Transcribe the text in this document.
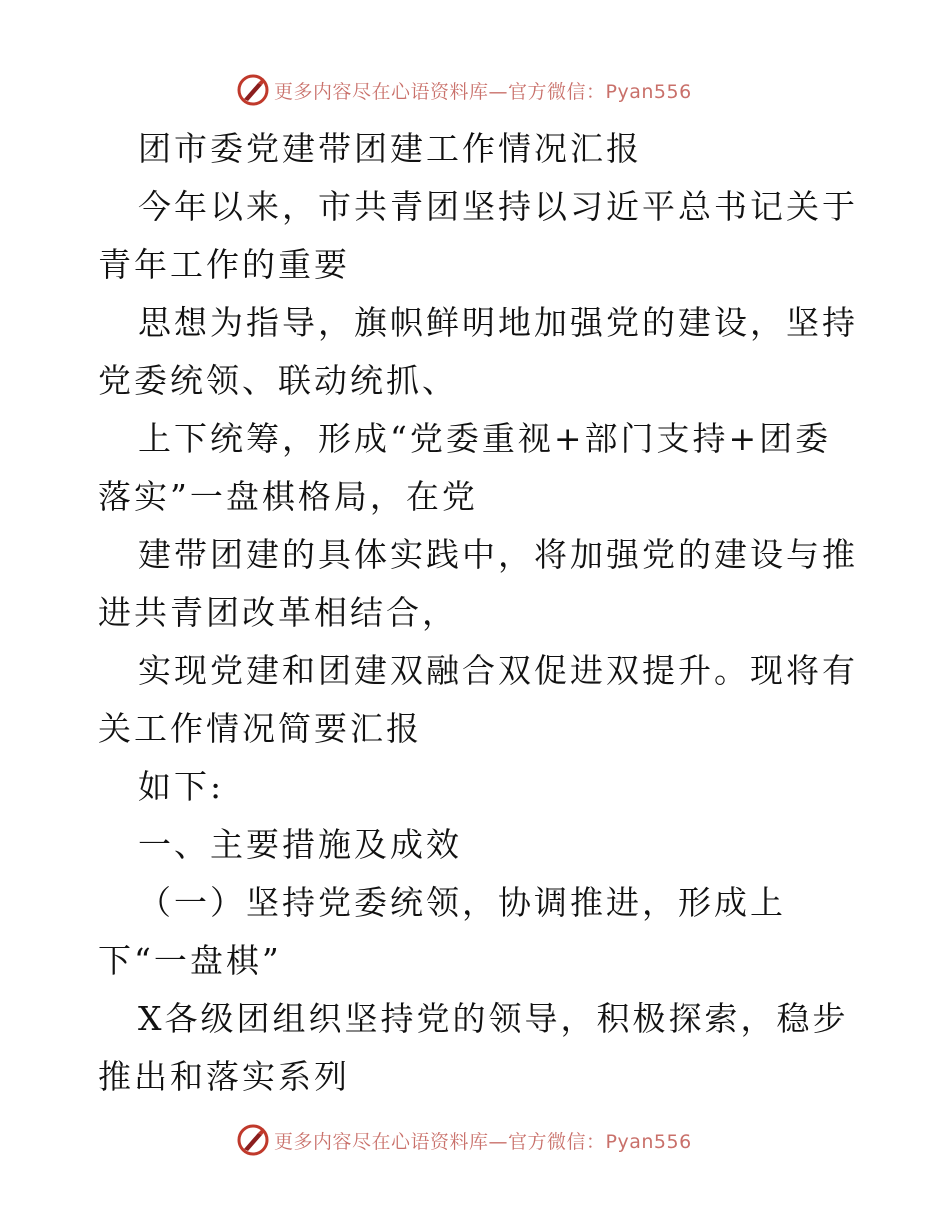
更多内容尽在心语资料库—官方微信：Pyan556

团市委党建带团建工作情况汇报

今年以来，市共青团坚持以习近平总书记关于青年工作的重要

思想为指导，旗帜鲜明地加强党的建设，坚持党委统领、联动统抓、

上下统筹，形成“党委重视+部门支持+团委落实”一盘棋格局，在党

建带团建的具体实践中，将加强党的建设与推进共青团改革相结合，

实现党建和团建双融合双促进双提升。现将有关工作情况简要汇报

如下:

一、主要措施及成效

（一）坚持党委统领，协调推进，形成上下“一盘棋”

X各级团组织坚持党的领导，积极探索，稳步推出和落实系列

更多内容尽在心语资料库—官方微信：Pyan556
